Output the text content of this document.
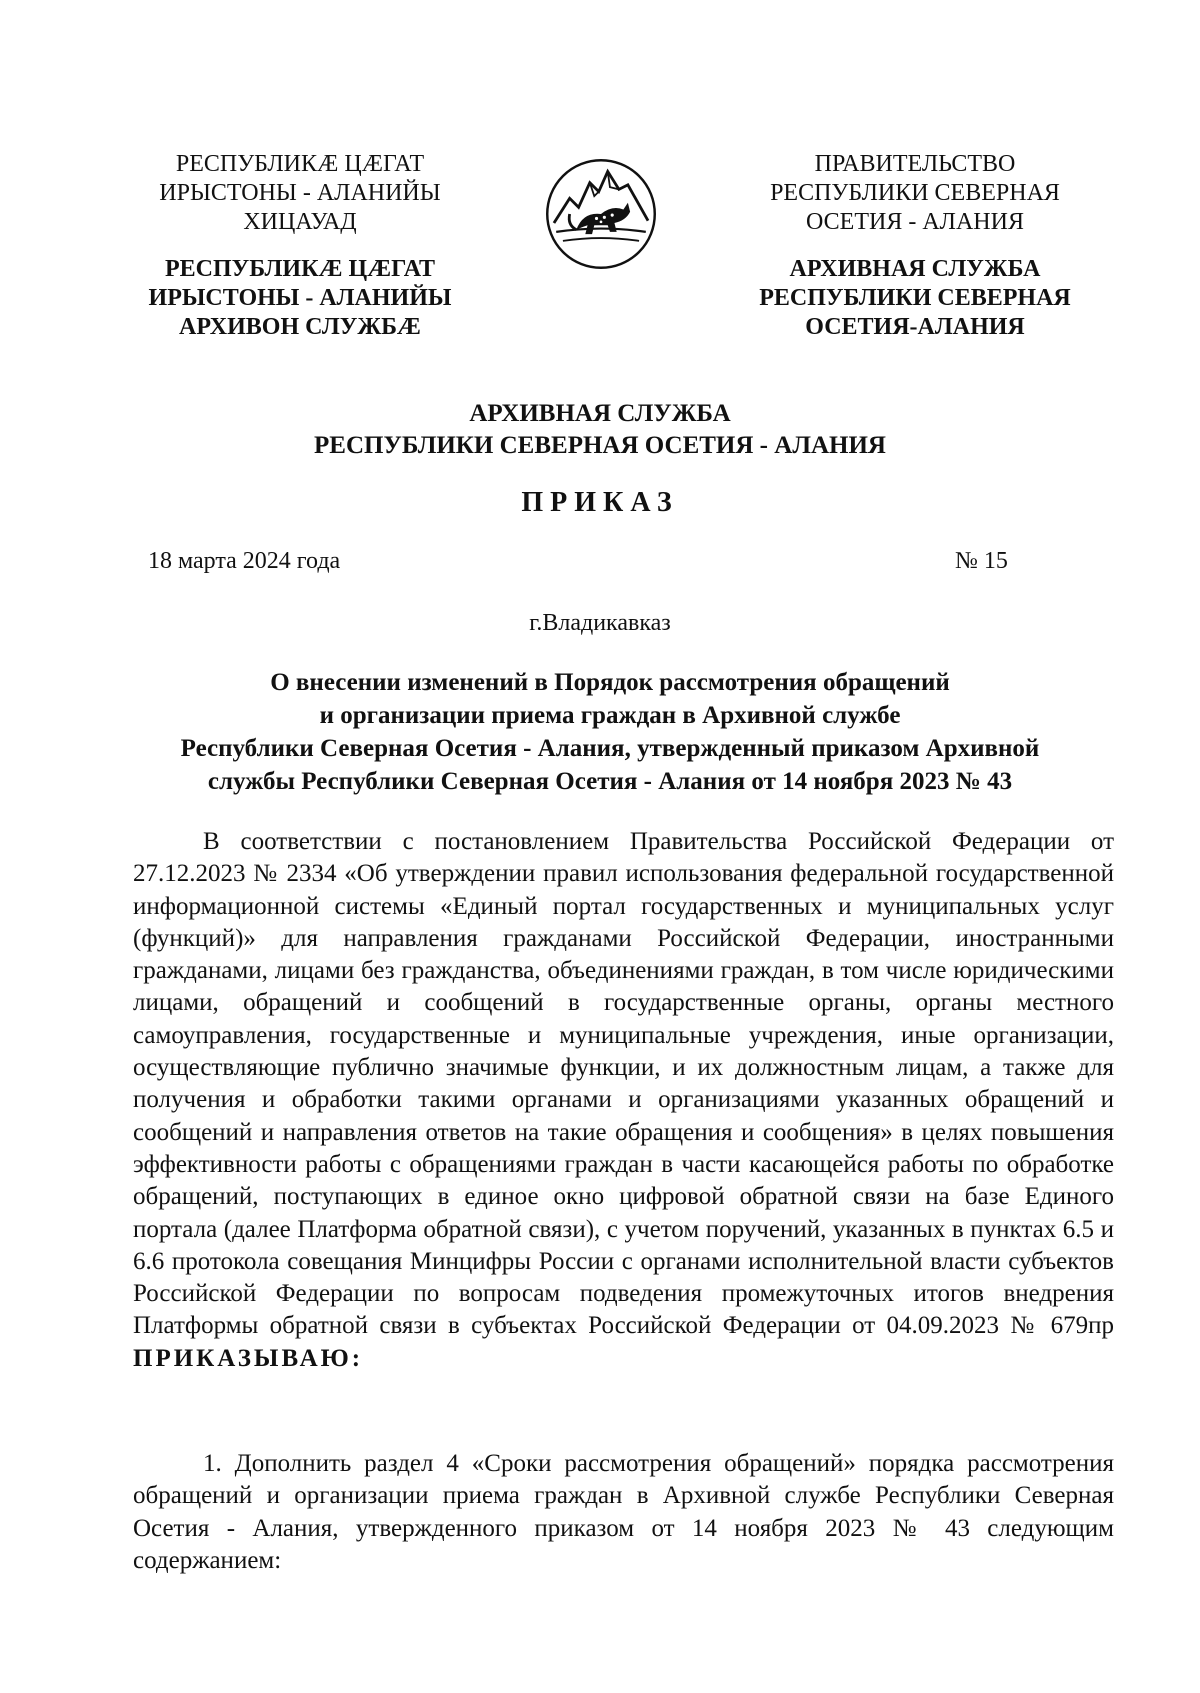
РЕСПУБЛИКÆ ЦÆГАТ
ИРЫСТОНЫ - АЛАНИЙЫ
ХИЦАУАД
РЕСПУБЛИКÆ ЦÆГАТ
ИРЫСТОНЫ - АЛАНИЙЫ
АРХИВОН СЛУЖБÆ
ПРАВИТЕЛЬСТВО
РЕСПУБЛИКИ СЕВЕРНАЯ
ОСЕТИЯ - АЛАНИЯ
АРХИВНАЯ СЛУЖБА
РЕСПУБЛИКИ СЕВЕРНАЯ
ОСЕТИЯ-АЛАНИЯ
АРХИВНАЯ СЛУЖБА
РЕСПУБЛИКИ СЕВЕРНАЯ ОСЕТИЯ - АЛАНИЯ
ПРИКАЗ
18 марта 2024 года	№ 15
г.Владикавказ
О внесении изменений в Порядок рассмотрения обращений
и организации приема граждан в Архивной службе
Республики Северная Осетия - Алания, утвержденный приказом Архивной
службы Республики Северная Осетия - Алания от 14 ноября 2023 № 43

В соответствии с постановлением Правительства Российской Федерации от 27.12.2023 № 2334 «Об утверждении правил использования федеральной государственной информационной системы «Единый портал государственных и муниципальных услуг (функций)» для направления гражданами Российской Федерации, иностранными гражданами, лицами без гражданства, объединениями граждан, в том числе юридическими лицами, обращений и сообщений в государственные органы, органы местного самоуправления, государственные и муниципальные учреждения, иные организации, осуществляющие публично значимые функции, и их должностным лицам, а также для получения и обработки такими органами и организациями указанных обращений и сообщений и направления ответов на такие обращения и сообщения» в целях повышения эффективности работы с обращениями граждан в части касающейся работы по обработке обращений, поступающих в единое окно цифровой обратной связи на базе Единого портала (далее Платформа обратной связи), с учетом поручений, указанных в пунктах 6.5 и 6.6 протокола совещания Минцифры России с органами исполнительной власти субъектов Российской Федерации по вопросам подведения промежуточных итогов внедрения Платформы обратной связи в субъектах Российской Федерации от 04.09.2023 № 679пр ПРИКАЗЫВАЮ:

1. Дополнить раздел 4 «Сроки рассмотрения обращений» порядка рассмотрения обращений и организации приема граждан в Архивной службе Республики Северная Осетия - Алания, утвержденного приказом от 14 ноября 2023 № 43 следующим содержанием:
